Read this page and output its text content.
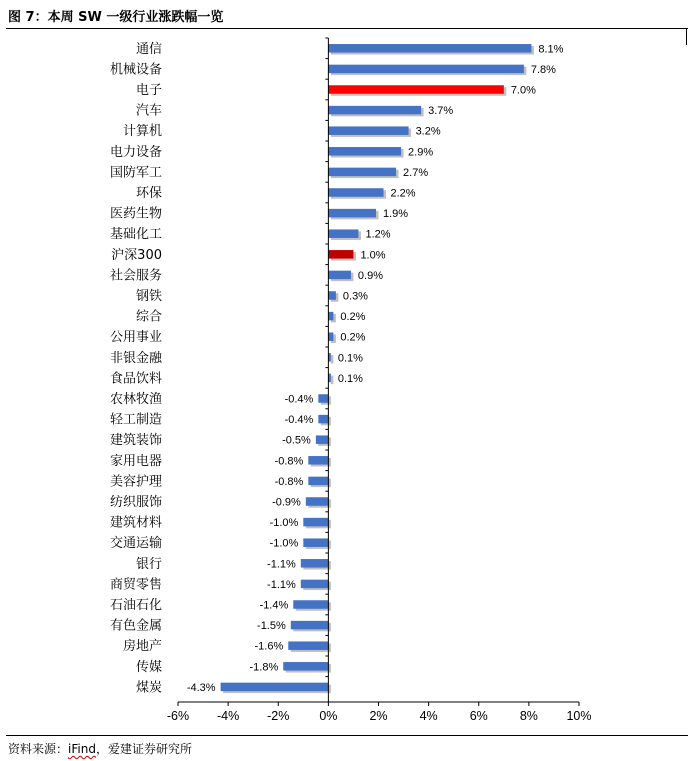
图 7：本周 SW 一级行业涨跌幅一览
通信	8.1%
机械设备	7.8%
电子	7.0%
汽车	3.7%
计算机	3.2%
电力设备	2.9%
国防军工	2.7%
环保	2.2%
医药生物	1.9%
基础化工	1.2%
沪深300	1.0%
社会服务	0.9%
钢铁	0.3%
综合	0.2%
公用事业	0.2%
非银金融	0.1%
食品饮料	0.1%
农林牧渔	-0.4%
轻工制造	-0.4%
建筑装饰	-0.5%
家用电器	-0.8%
美容护理	-0.8%
纺织服饰	-0.9%
建筑材料	-1.0%
交通运输	-1.0%
银行	-1.1%
商贸零售	-1.1%
石油石化	-1.4%
有色金属	-1.5%
房地产	-1.6%
传媒	-1.8%
煤炭 -4.3%
-6% -4% -2% 0%	2%	4%	6%	8% 10%
资料来源：iFind，爱建证券研究所
